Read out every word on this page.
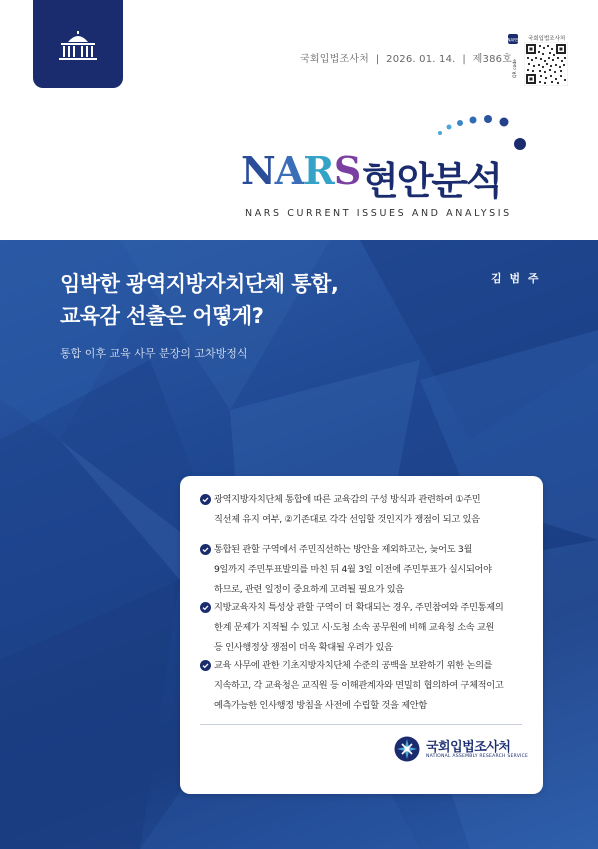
국회입법조사처 | 2026. 01. 14. | 제386호
국회입법조사처
NARS
QR code
NARS 현안분석
NARS CURRENT ISSUES AND ANALYSIS
임박한 광역지방자치단체 통합,
교육감 선출은 어떻게?
김 범 주
통합 이후 교육 사무 분장의 고차방정식
광역지방자치단체 통합에 따른 교육감의 구성 방식과 관련하여 ①주민
직선제 유지 여부, ②기존대로 각각 선임할 것인지가 쟁점이 되고 있음
통합된 관할 구역에서 주민직선하는 방안을 제외하고는, 늦어도 3월
9일까지 주민투표발의를 마친 뒤 4월 3일 이전에 주민투표가 실시되어야
하므로, 관련 일정이 중요하게 고려될 필요가 있음
지방교육자치 특성상 관할 구역이 더 확대되는 경우, 주민참여와 주민통제의
한계 문제가 지적될 수 있고 시·도청 소속 공무원에 비해 교육청 소속 교원
등 인사행정상 쟁점이 더욱 확대될 우려가 있음
교육 사무에 관한 기초지방자치단체 수준의 공백을 보완하기 위한 논의를
지속하고, 각 교육청은 교직원 등 이해관계자와 면밀히 협의하여 구체적이고
예측가능한 인사행정 방침을 사전에 수립할 것을 제안함
국회입법조사처
NATIONAL ASSEMBLY RESEARCH SERVICE
